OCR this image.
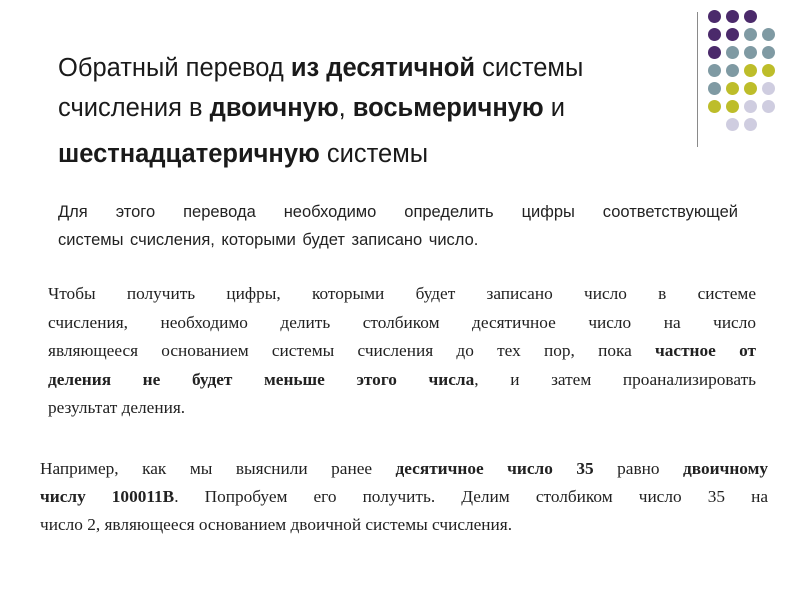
Обратный перевод из десятичной системы
счисления в двоичную, восьмеричную и
шестнадцатеричную системы
Для этого перевода необходимо определить цифры соответствующей
системы счисления, которыми будет записано число.
Чтобы получить цифры, которыми будет записано число в системе
счисления, необходимо делить столбиком десятичное число на число
являющееся основанием системы счисления до тех пор, пока частное от
деления не будет меньше этого числа, и затем проанализировать
результат деления.
Например, как мы выяснили ранее десятичное число 35 равно двоичному
числу 100011В. Попробуем его получить. Делим столбиком число 35 на
число 2, являющееся основанием двоичной системы счисления.
